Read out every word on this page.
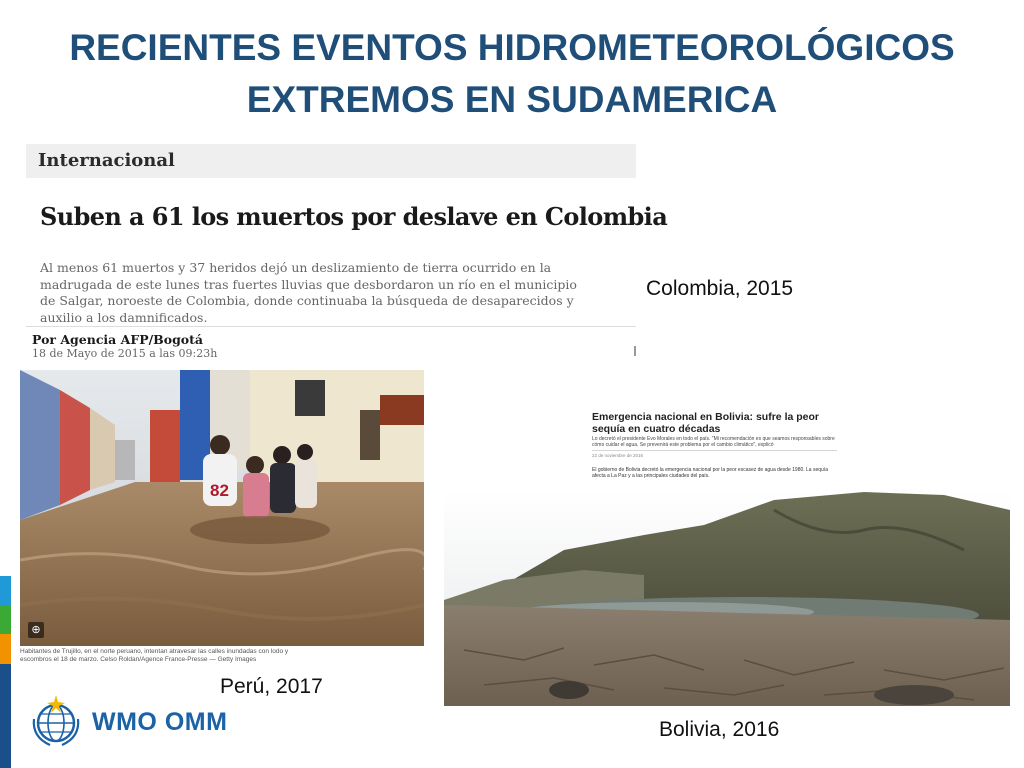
RECIENTES EVENTOS HIDROMETEOROLÓGICOS
EXTREMOS EN SUDAMERICA
Internacional
Suben a 61 los muertos por deslave en Colombia
Al menos 61 muertos y 37 heridos dejó un deslizamiento de tierra ocurrido en la madrugada de este lunes tras fuertes lluvias que desbordaron un río en el municipio de Salgar, noroeste de Colombia, donde continuaba la búsqueda de desaparecidos y auxilio a los damnificados.
Por Agencia AFP/Bogotá
18 de Mayo de 2015 a las 09:23h
Colombia, 2015
82
⊕
Habitantes de Trujillo, en el norte peruano, intentan atravesar las calles inundadas con lodo y escombros el 18 de marzo. Celso Roldan/Agence France-Presse — Getty Images
Perú, 2017
Emergencia nacional en Bolivia: sufre la peor sequía en cuatro décadas
Lo decretó el presidente Evo Morales en todo el país. "Mi recomendación es que seamos responsables sobre cómo cuidar el agua. Se prevenirá este problema por el cambio climático", explicó
22 de noviembre de 2016
El gobierno de Bolivia decretó la emergencia nacional por la peor escasez de agua desde 1980. La sequía afecta a La Paz y a las principales ciudades del país.
Bolivia, 2016
WMO OMM
